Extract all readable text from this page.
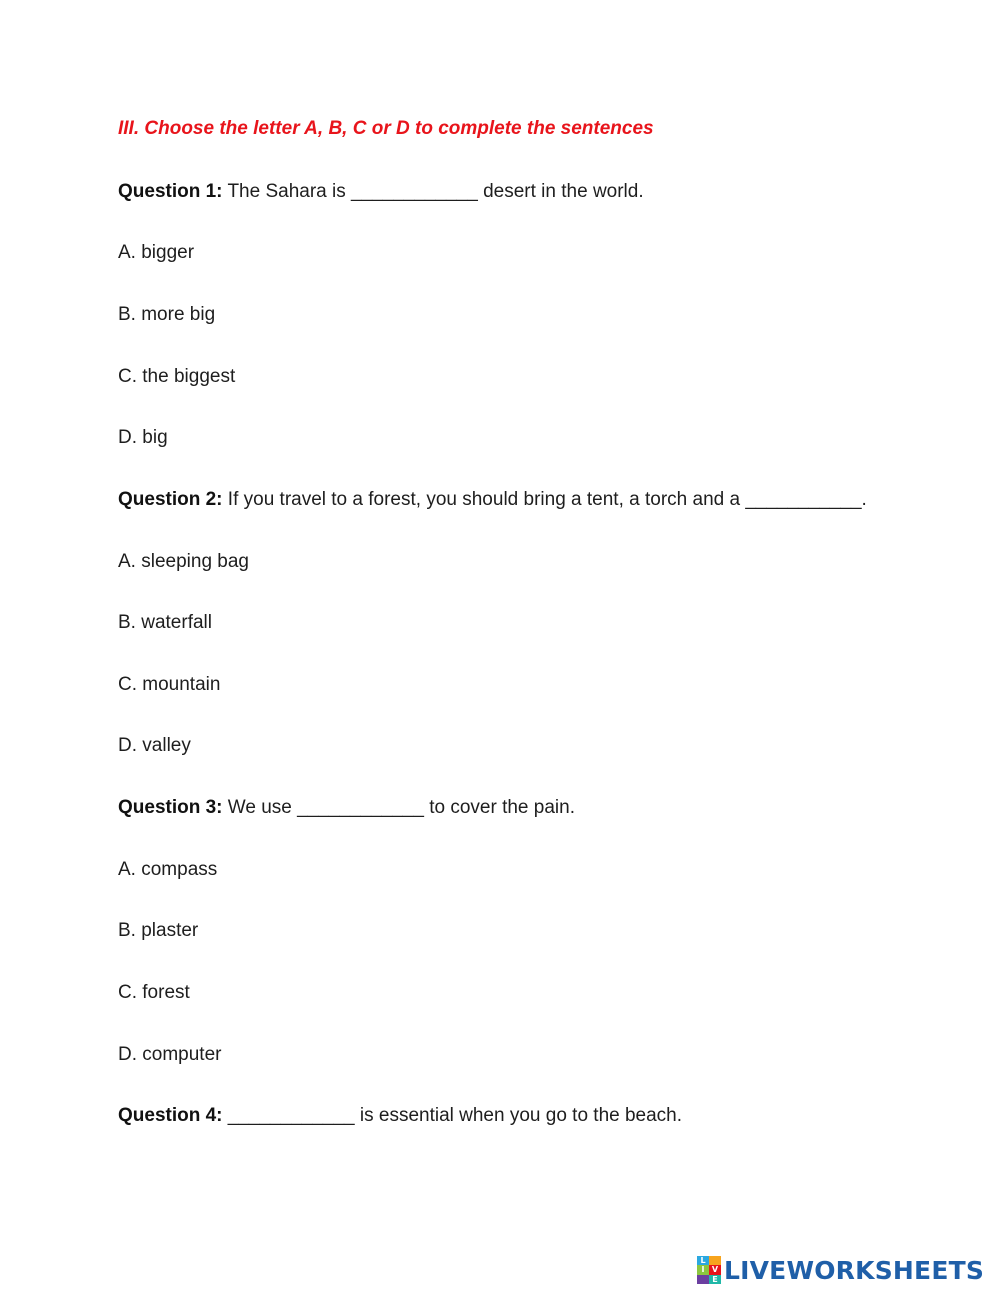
III. Choose the letter A, B, C or D to complete the sentences
Question 1: The Sahara is ____________ desert in the world.
A. bigger
B. more big
C. the biggest
D. big
Question 2: If you travel to a forest, you should bring a tent, a torch and a ___________.
A. sleeping bag
B. waterfall
C. mountain
D. valley
Question 3: We use ____________ to cover the pain.
A. compass
B. plaster
C. forest
D. computer
Question 4: ____________ is essential when you go to the beach.
L
I V
E LIVEWORKSHEETS
